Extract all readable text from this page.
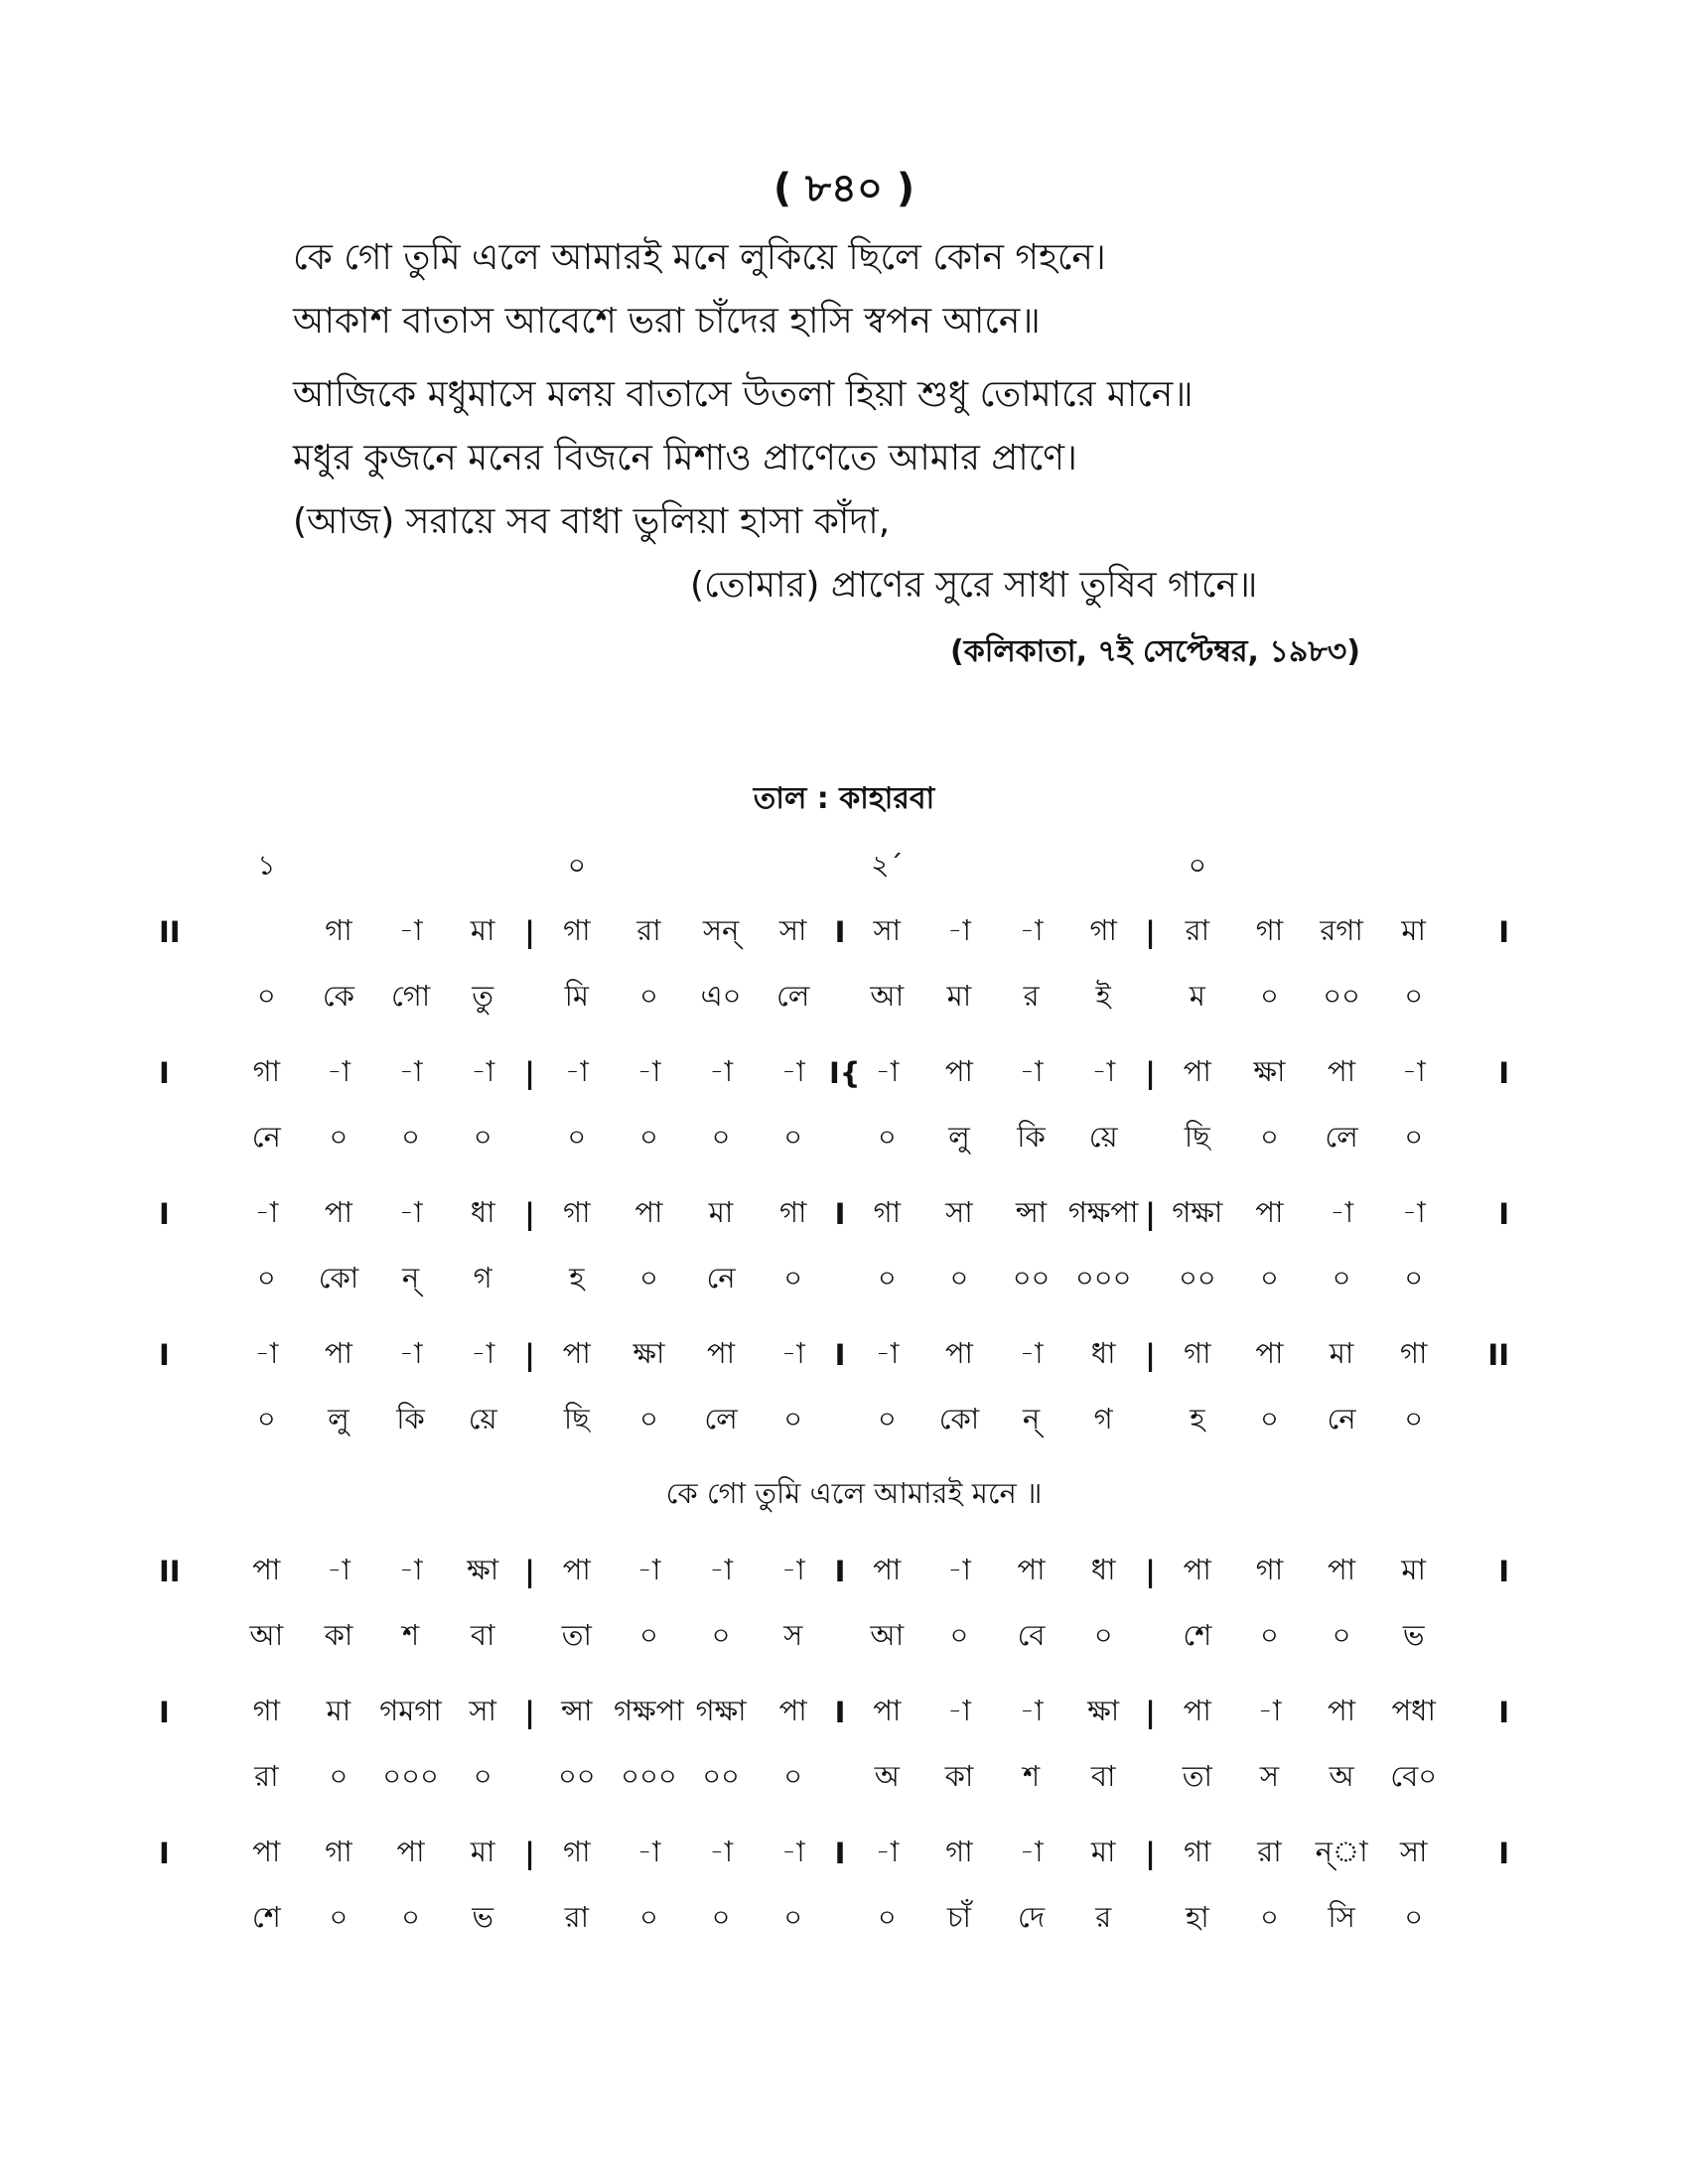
( ৮৪০ )
কে গো তুমি এলে আমারই মনে লুকিয়ে ছিলে কোন গহনে।
আকাশ বাতাস আবেশে ভরা চাঁদের হাসি স্বপন আনে॥
আজিকে মধুমাসে মলয় বাতাসে উতলা হিয়া শুধু তোমারে মানে॥
মধুর কুজনে মনের বিজনে মিশাও প্রাণেতে আমার প্রাণে।
(আজ) সরায়ে সব বাধা ভুলিয়া হাসা কাঁদা,
(তোমার) প্রাণের সুরে সাধা তুষিব গানে॥
(কলিকাতা, ৭ই সেপ্টেম্বর, ১৯৮৩)
তাল : কাহারবা
১	০	২´	০
II	গা	-া	মা	| গা	রা	সন্	সা I সা	-া	-া	গা |	রা	গা	রগা	মা	I
০	কে	গো	তু	মি	০	এ০	লে	আ	মা	র	ই	ম	০	০০	০
I	গা	-া	-া	-া	|	-া	-া	-া	-া I{ -া	পা	-া	-া	| পা	ক্ষা	পা	-া	I
নে	০	০	০	০	০	০	০	০	লু	কি	য়ে	ছি	০	লে	০
I	-া	পা	-া	ধা	| গা	পা	মা	গা I গা	সা	ন্সা গক্ষপা | গক্ষা	পা	-া	-া	I
০	কো	ন্	গ	হ	০	নে	০	০	০	০০ ০০০	০০	০	০	০
I	-া	পা	-া	-া	| পা	ক্ষা	পা	-া	I	-া	পা	-া	ধা	| গা	পা	মা	গা	II
০	লু	কি	য়ে	ছি	০	লে	০	০	কো	ন্	গ	হ	০	নে	০
কে গো তুমি এলে আমারই মনে ॥
II	পা	-া	-া	ক্ষা | পা	-া	-া	-া	I পা	-া	পা	ধা	| পা	গা	পা	মা	I
আ	কা	শ	বা	তা	০	০	স	আ	০	বে	০	শে	০	০	ভ
I	গা	মা	গমগা সা | ন্সা গক্ষপা গক্ষা	পা I পা	-া	-া	ক্ষা | পা	-া	পা	পধা	I
রা	০	০০০	০	০০ ০০০ ০০	০	অ	কা	শ	বা	তা	স	অ	বে০
I	পা	গা	পা	মা	| গা	-া	-া	-া	I	-া	গা	-া	মা	| গা	রা	ন্া	সা	I
শে	০	০	ভ	রা	০	০	০	০	চাঁ	দে	র	হা	০	সি	০
